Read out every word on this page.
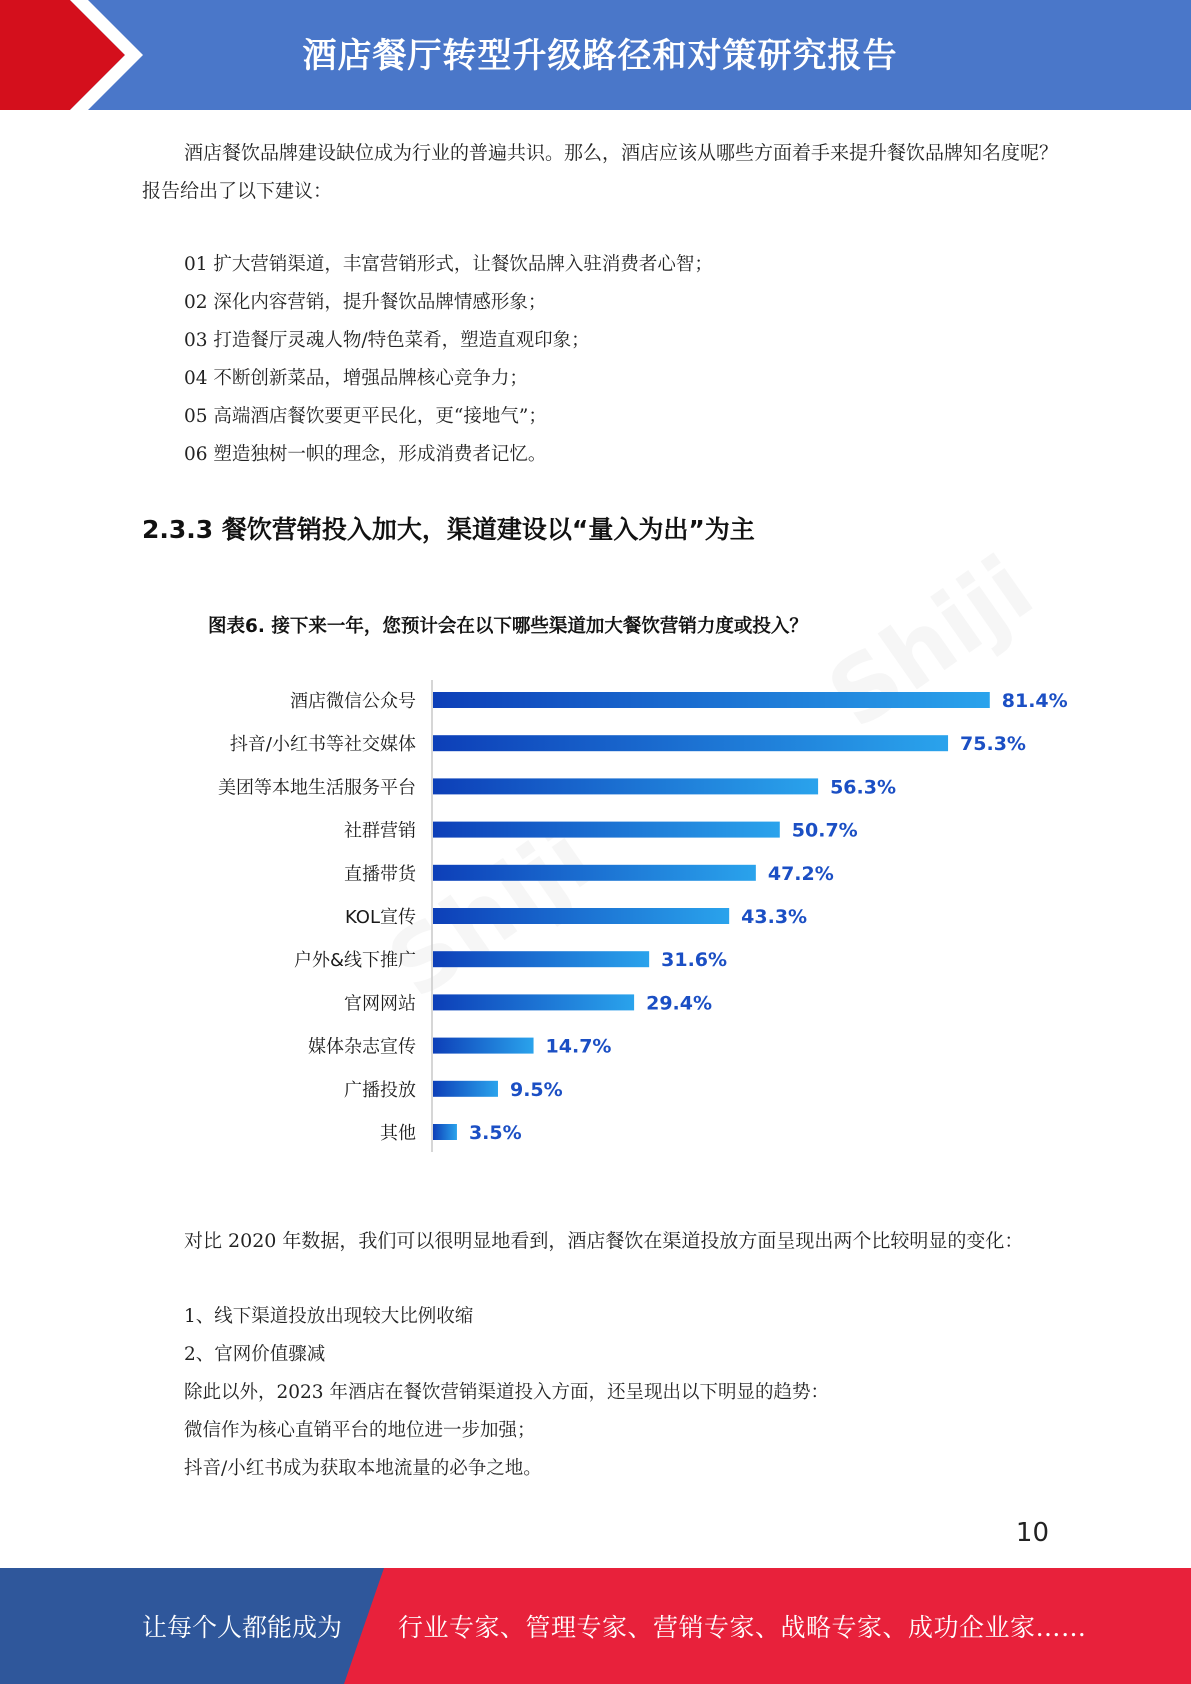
酒店餐厅转型升级路径和对策研究报告

酒店餐饮品牌建设缺位成为行业的普遍共识。那么，酒店应该从哪些方面着手来提升餐饮品牌知名度呢？报告给出了以下建议：

01 扩大营销渠道，丰富营销形式，让餐饮品牌入驻消费者心智；
02 深化内容营销，提升餐饮品牌情感形象；
03 打造餐厅灵魂人物/特色菜肴，塑造直观印象；
04 不断创新菜品，增强品牌核心竞争力；
05 高端酒店餐饮要更平民化，更“接地气”；
06 塑造独树一帜的理念，形成消费者记忆。
2.3.3 餐饮营销投入加大，渠道建设以“量入为出”为主
图表6. 接下来一年，您预计会在以下哪些渠道加大餐饮营销力度或投入？
酒店微信公众号	81.4%
抖音/小红书等社交媒体	75.3%
美团等本地生活服务平台	56.3%
社群营销	50.7%
直播带货	47.2%
KOL宣传	43.3%
户外&线下推广	31.6%
官网网站	29.4%
媒体杂志宣传	14.7%
广播投放	9.5%
其他	3.5%

对比 2020 年数据，我们可以很明显地看到，酒店餐饮在渠道投放方面呈现出两个比较明显的变化：

1、线下渠道投放出现较大比例收缩
2、官网价值骤减
除此以外，2023 年酒店在餐饮营销渠道投入方面，还呈现出以下明显的趋势：
微信作为核心直销平台的地位进一步加强；
抖音/小红书成为获取本地流量的必争之地。
10
让每个人都能成为 行业专家、管理专家、营销专家、战略专家、成功企业家……
